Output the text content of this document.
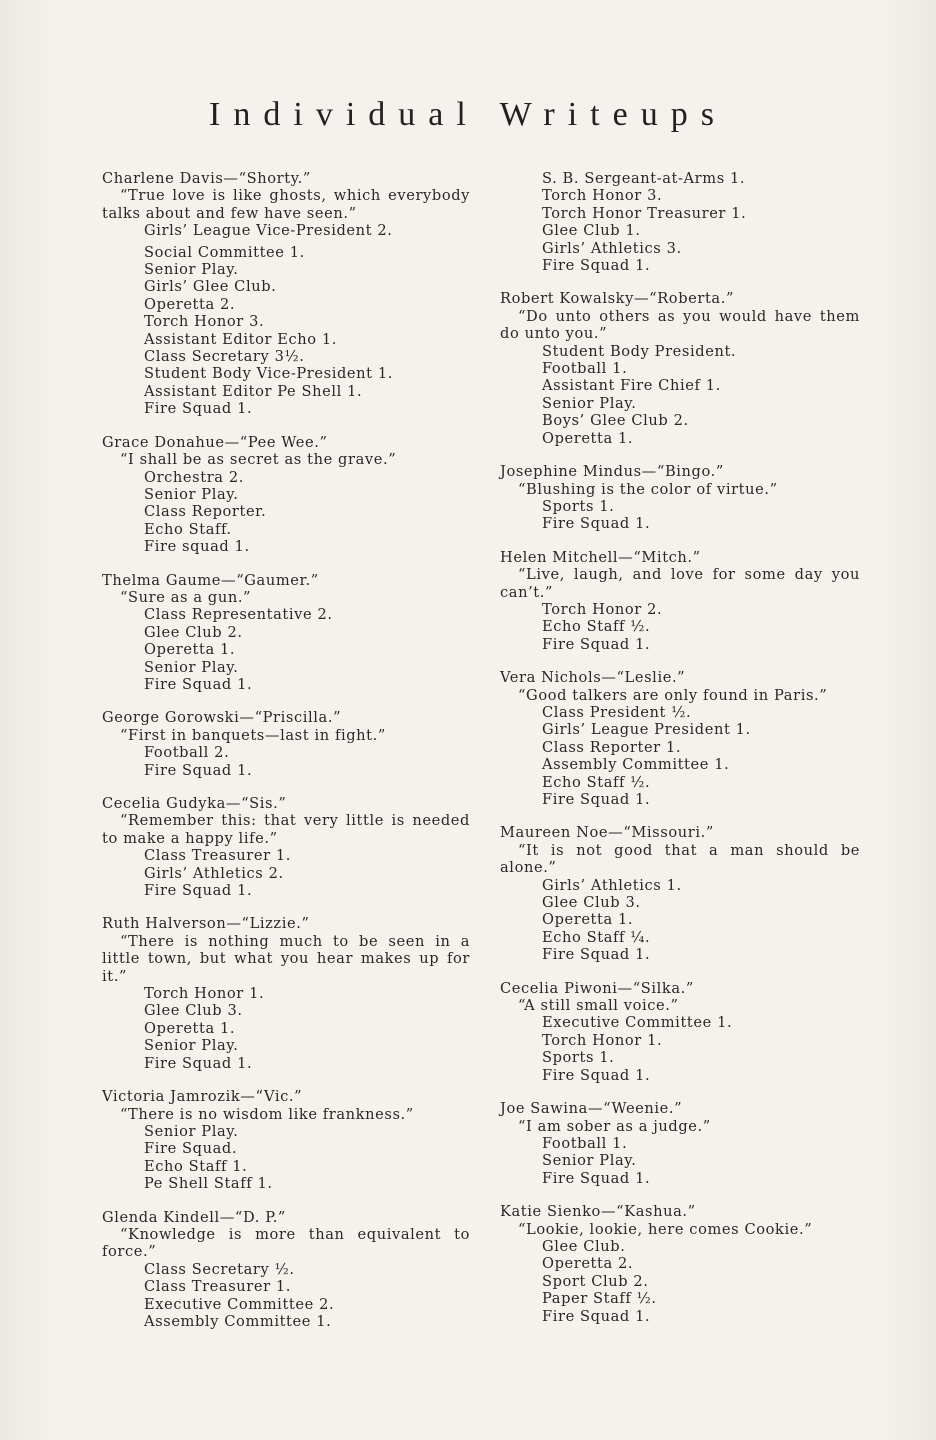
Individual Writeups

Charlene Davis—“Shorty.”

“True love is like ghosts, which everybody talks about and few have seen.”

Girls’ League Vice-President 2.
Social Committee 1.
Senior Play.
Girls’ Glee Club.
Operetta 2.
Torch Honor 3.
Assistant Editor Echo 1.
Class Secretary 3½.
Student Body Vice-President 1.
Assistant Editor Pe Shell 1.
Fire Squad 1.

Grace Donahue—“Pee Wee.”

“I shall be as secret as the grave.”

Orchestra 2.
Senior Play.
Class Reporter.
Echo Staff.
Fire squad 1.

Thelma Gaume—“Gaumer.”

“Sure as a gun.”

Class Representative 2.
Glee Club 2.
Operetta 1.
Senior Play.
Fire Squad 1.

George Gorowski—“Priscilla.”

“First in banquets—last in fight.”

Football 2.
Fire Squad 1.

Cecelia Gudyka—“Sis.”

“Remember this: that very little is needed to make a happy life.”

Class Treasurer 1.
Girls’ Athletics 2.
Fire Squad 1.

Ruth Halverson—“Lizzie.”

“There is nothing much to be seen in a little town, but what you hear makes up for it.”

Torch Honor 1.
Glee Club 3.
Operetta 1.
Senior Play.
Fire Squad 1.

Victoria Jamrozik—“Vic.”

“There is no wisdom like frankness.”

Senior Play.
Fire Squad.
Echo Staff 1.
Pe Shell Staff 1.

Glenda Kindell—“D. P.”

“Knowledge is more than equivalent to force.”

Class Secretary ½.
Class Treasurer 1.
Executive Committee 2.
Assembly Committee 1.
S. B. Sergeant-at-Arms 1.
Torch Honor 3.
Torch Honor Treasurer 1.
Glee Club 1.
Girls’ Athletics 3.
Fire Squad 1.

Robert Kowalsky—“Roberta.”

“Do unto others as you would have them do unto you.”

Student Body President.
Football 1.
Assistant Fire Chief 1.
Senior Play.
Boys’ Glee Club 2.
Operetta 1.

Josephine Mindus—“Bingo.”

“Blushing is the color of virtue.”

Sports 1.
Fire Squad 1.

Helen Mitchell—“Mitch.”

“Live, laugh, and love for some day you can’t.”

Torch Honor 2.
Echo Staff ½.
Fire Squad 1.

Vera Nichols—“Leslie.”

“Good talkers are only found in Paris.”

Class President ½.
Girls’ League President 1.
Class Reporter 1.
Assembly Committee 1.
Echo Staff ½.
Fire Squad 1.

Maureen Noe—“Missouri.”

“It is not good that a man should be alone.”

Girls’ Athletics 1.
Glee Club 3.
Operetta 1.
Echo Staff ¼.
Fire Squad 1.

Cecelia Piwoni—“Silka.”

“A still small voice.”

Executive Committee 1.
Torch Honor 1.
Sports 1.
Fire Squad 1.

Joe Sawina—“Weenie.”

“I am sober as a judge.”

Football 1.
Senior Play.
Fire Squad 1.

Katie Sienko—“Kashua.”

“Lookie, lookie, here comes Cookie.”

Glee Club.
Operetta 2.
Sport Club 2.
Paper Staff ½.
Fire Squad 1.
